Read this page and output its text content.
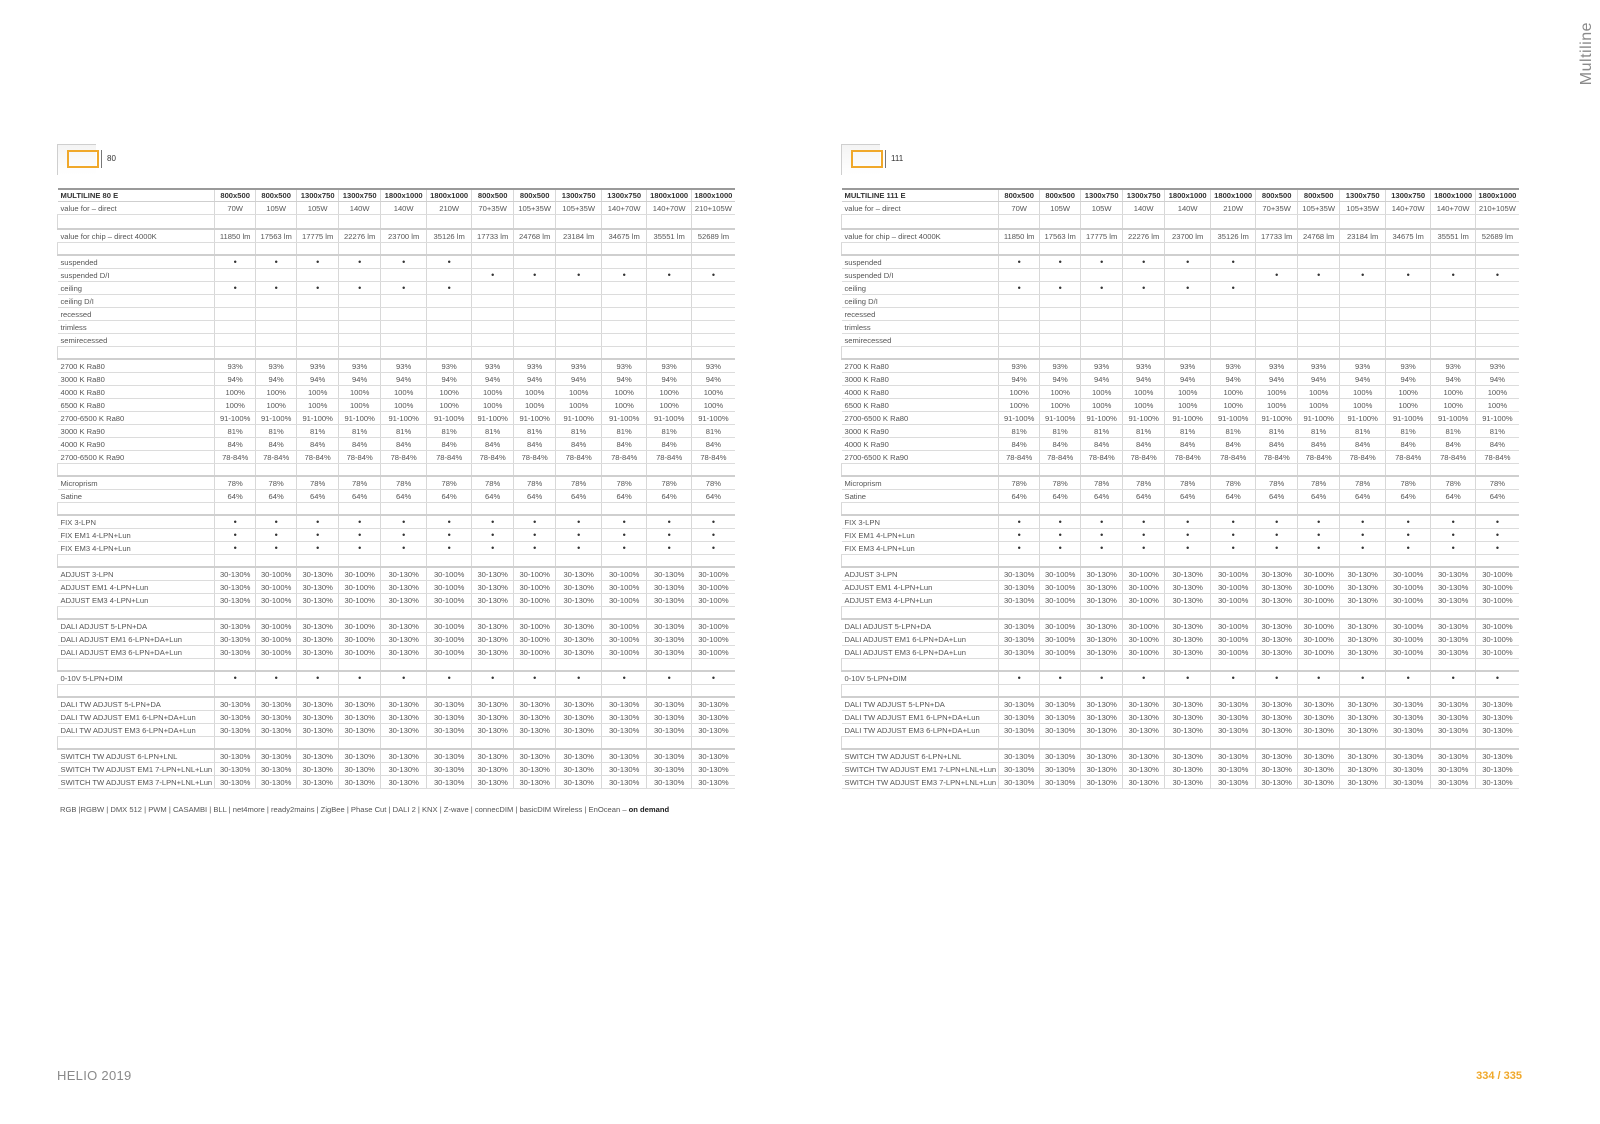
Multiline
80
MULTILINE 80 E	800x500	800x500	1300x750	1300x750	1800x1000	1800x1000	800x500	800x500	1300x750	1300x750	1800x1000	1800x1000
value for – direct	70W	105W	105W	140W	140W	210W	70+35W	105+35W	105+35W	140+70W	140+70W	210+105W

value for chip – direct 4000K	11850 lm	17563 lm	17775 lm	22276 lm	23700 lm	35126 lm	17733 lm	24768 lm	23184 lm	34675 lm	35551 lm	52689 lm

suspended	•	•	•	•	•	•						
suspended D/I							•	•	•	•	•	•
ceiling	•	•	•	•	•	•						
ceiling D/I												
recessed												
trimless												
semirecessed												

2700 K Ra80	93%	93%	93%	93%	93%	93%	93%	93%	93%	93%	93%	93%
3000 K Ra80	94%	94%	94%	94%	94%	94%	94%	94%	94%	94%	94%	94%
4000 K Ra80	100%	100%	100%	100%	100%	100%	100%	100%	100%	100%	100%	100%
6500 K Ra80	100%	100%	100%	100%	100%	100%	100%	100%	100%	100%	100%	100%
2700-6500 K Ra80	91-100%	91-100%	91-100%	91-100%	91-100%	91-100%	91-100%	91-100%	91-100%	91-100%	91-100%	91-100%
3000 K Ra90	81%	81%	81%	81%	81%	81%	81%	81%	81%	81%	81%	81%
4000 K Ra90	84%	84%	84%	84%	84%	84%	84%	84%	84%	84%	84%	84%
2700-6500 K Ra90	78-84%	78-84%	78-84%	78-84%	78-84%	78-84%	78-84%	78-84%	78-84%	78-84%	78-84%	78-84%

Microprism	78%	78%	78%	78%	78%	78%	78%	78%	78%	78%	78%	78%
Satine	64%	64%	64%	64%	64%	64%	64%	64%	64%	64%	64%	64%

FIX 3-LPN	•	•	•	•	•	•	•	•	•	•	•	•
FIX EM1 4-LPN+Lun	•	•	•	•	•	•	•	•	•	•	•	•
FIX EM3 4-LPN+Lun	•	•	•	•	•	•	•	•	•	•	•	•

ADJUST 3-LPN	30-130%	30-100%	30-130%	30-100%	30-130%	30-100%	30-130%	30-100%	30-130%	30-100%	30-130%	30-100%
ADJUST EM1 4-LPN+Lun	30-130%	30-100%	30-130%	30-100%	30-130%	30-100%	30-130%	30-100%	30-130%	30-100%	30-130%	30-100%
ADJUST EM3 4-LPN+Lun	30-130%	30-100%	30-130%	30-100%	30-130%	30-100%	30-130%	30-100%	30-130%	30-100%	30-130%	30-100%

DALI ADJUST 5-LPN+DA	30-130%	30-100%	30-130%	30-100%	30-130%	30-100%	30-130%	30-100%	30-130%	30-100%	30-130%	30-100%
DALI ADJUST EM1 6-LPN+DA+Lun	30-130%	30-100%	30-130%	30-100%	30-130%	30-100%	30-130%	30-100%	30-130%	30-100%	30-130%	30-100%
DALI ADJUST EM3 6-LPN+DA+Lun	30-130%	30-100%	30-130%	30-100%	30-130%	30-100%	30-130%	30-100%	30-130%	30-100%	30-130%	30-100%

0-10V 5-LPN+DIM	•	•	•	•	•	•	•	•	•	•	•	•

DALI TW ADJUST 5-LPN+DA	30-130%	30-130%	30-130%	30-130%	30-130%	30-130%	30-130%	30-130%	30-130%	30-130%	30-130%	30-130%
DALI TW ADJUST EM1 6-LPN+DA+Lun	30-130%	30-130%	30-130%	30-130%	30-130%	30-130%	30-130%	30-130%	30-130%	30-130%	30-130%	30-130%
DALI TW ADJUST EM3 6-LPN+DA+Lun	30-130%	30-130%	30-130%	30-130%	30-130%	30-130%	30-130%	30-130%	30-130%	30-130%	30-130%	30-130%

SWITCH TW ADJUST 6-LPN+LNL	30-130%	30-130%	30-130%	30-130%	30-130%	30-130%	30-130%	30-130%	30-130%	30-130%	30-130%	30-130%
SWITCH TW ADJUST EM1 7-LPN+LNL+Lun	30-130%	30-130%	30-130%	30-130%	30-130%	30-130%	30-130%	30-130%	30-130%	30-130%	30-130%	30-130%
SWITCH TW ADJUST EM3 7-LPN+LNL+Lun	30-130%	30-130%	30-130%	30-130%	30-130%	30-130%	30-130%	30-130%	30-130%	30-130%	30-130%	30-130%
RGB |RGBW | DMX 512 | PWM | CASAMBI | BLL | net4more | ready2mains | ZigBee | Phase Cut | DALI 2 | KNX | Z-wave | connecDIM | basicDIM Wireless | EnOcean – on demand
111
MULTILINE 111 E	800x500	800x500	1300x750	1300x750	1800x1000	1800x1000	800x500	800x500	1300x750	1300x750	1800x1000	1800x1000
value for – direct	70W	105W	105W	140W	140W	210W	70+35W	105+35W	105+35W	140+70W	140+70W	210+105W

value for chip – direct 4000K	11850 lm	17563 lm	17775 lm	22276 lm	23700 lm	35126 lm	17733 lm	24768 lm	23184 lm	34675 lm	35551 lm	52689 lm

suspended	•	•	•	•	•	•						
suspended D/I							•	•	•	•	•	•
ceiling	•	•	•	•	•	•						
ceiling D/I												
recessed												
trimless												
semirecessed												

2700 K Ra80	93%	93%	93%	93%	93%	93%	93%	93%	93%	93%	93%	93%
3000 K Ra80	94%	94%	94%	94%	94%	94%	94%	94%	94%	94%	94%	94%
4000 K Ra80	100%	100%	100%	100%	100%	100%	100%	100%	100%	100%	100%	100%
6500 K Ra80	100%	100%	100%	100%	100%	100%	100%	100%	100%	100%	100%	100%
2700-6500 K Ra80	91-100%	91-100%	91-100%	91-100%	91-100%	91-100%	91-100%	91-100%	91-100%	91-100%	91-100%	91-100%
3000 K Ra90	81%	81%	81%	81%	81%	81%	81%	81%	81%	81%	81%	81%
4000 K Ra90	84%	84%	84%	84%	84%	84%	84%	84%	84%	84%	84%	84%
2700-6500 K Ra90	78-84%	78-84%	78-84%	78-84%	78-84%	78-84%	78-84%	78-84%	78-84%	78-84%	78-84%	78-84%

Microprism	78%	78%	78%	78%	78%	78%	78%	78%	78%	78%	78%	78%
Satine	64%	64%	64%	64%	64%	64%	64%	64%	64%	64%	64%	64%

FIX 3-LPN	•	•	•	•	•	•	•	•	•	•	•	•
FIX EM1 4-LPN+Lun	•	•	•	•	•	•	•	•	•	•	•	•
FIX EM3 4-LPN+Lun	•	•	•	•	•	•	•	•	•	•	•	•

ADJUST 3-LPN	30-130%	30-100%	30-130%	30-100%	30-130%	30-100%	30-130%	30-100%	30-130%	30-100%	30-130%	30-100%
ADJUST EM1 4-LPN+Lun	30-130%	30-100%	30-130%	30-100%	30-130%	30-100%	30-130%	30-100%	30-130%	30-100%	30-130%	30-100%
ADJUST EM3 4-LPN+Lun	30-130%	30-100%	30-130%	30-100%	30-130%	30-100%	30-130%	30-100%	30-130%	30-100%	30-130%	30-100%

DALI ADJUST 5-LPN+DA	30-130%	30-100%	30-130%	30-100%	30-130%	30-100%	30-130%	30-100%	30-130%	30-100%	30-130%	30-100%
DALI ADJUST EM1 6-LPN+DA+Lun	30-130%	30-100%	30-130%	30-100%	30-130%	30-100%	30-130%	30-100%	30-130%	30-100%	30-130%	30-100%
DALI ADJUST EM3 6-LPN+DA+Lun	30-130%	30-100%	30-130%	30-100%	30-130%	30-100%	30-130%	30-100%	30-130%	30-100%	30-130%	30-100%

0-10V 5-LPN+DIM	•	•	•	•	•	•	•	•	•	•	•	•

DALI TW ADJUST 5-LPN+DA	30-130%	30-130%	30-130%	30-130%	30-130%	30-130%	30-130%	30-130%	30-130%	30-130%	30-130%	30-130%
DALI TW ADJUST EM1 6-LPN+DA+Lun	30-130%	30-130%	30-130%	30-130%	30-130%	30-130%	30-130%	30-130%	30-130%	30-130%	30-130%	30-130%
DALI TW ADJUST EM3 6-LPN+DA+Lun	30-130%	30-130%	30-130%	30-130%	30-130%	30-130%	30-130%	30-130%	30-130%	30-130%	30-130%	30-130%

SWITCH TW ADJUST 6-LPN+LNL	30-130%	30-130%	30-130%	30-130%	30-130%	30-130%	30-130%	30-130%	30-130%	30-130%	30-130%	30-130%
SWITCH TW ADJUST EM1 7-LPN+LNL+Lun	30-130%	30-130%	30-130%	30-130%	30-130%	30-130%	30-130%	30-130%	30-130%	30-130%	30-130%	30-130%
SWITCH TW ADJUST EM3 7-LPN+LNL+Lun	30-130%	30-130%	30-130%	30-130%	30-130%	30-130%	30-130%	30-130%	30-130%	30-130%	30-130%	30-130%
HELIO 2019	334 / 335
